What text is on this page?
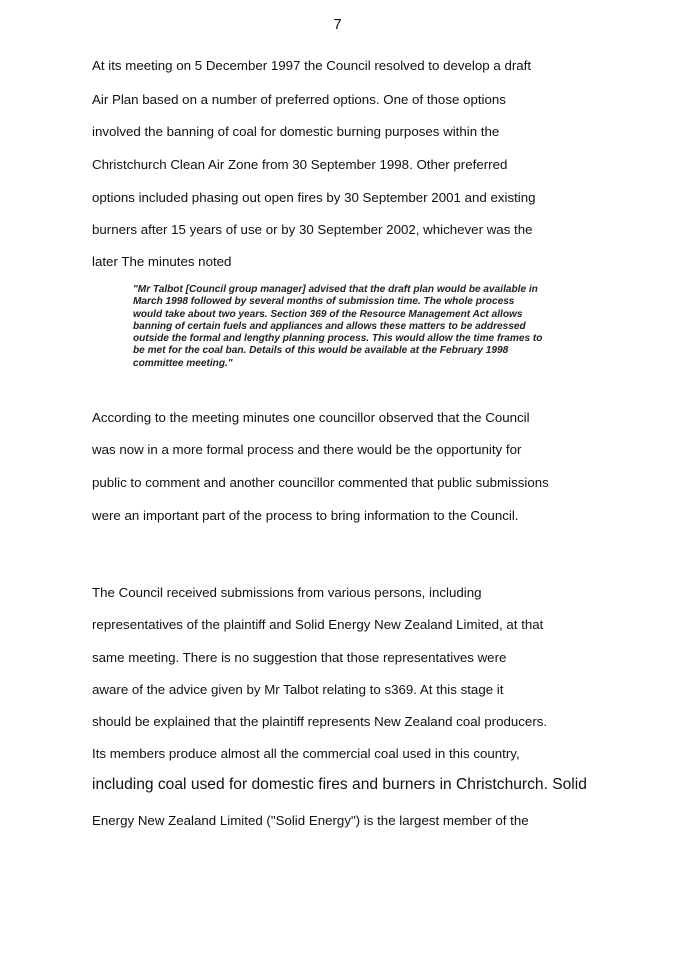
7
At its meeting on 5 December 1997 the Council resolved to develop a draft
Air Plan based on a number of preferred options. One of those options
involved the banning of coal for domestic burning purposes within the
Christchurch Clean Air Zone from 30 September 1998. Other preferred
options included phasing out open fires by 30 September 2001 and existing
burners after 15 years of use or by 30 September 2002, whichever was the
later The minutes noted
"Mr Talbot [Council group manager] advised that the draft plan would be available in
March 1998 followed by several months of submission time. The whole process
would take about two years. Section 369 of the Resource Management Act allows
banning of certain fuels and appliances and allows these matters to be addressed
outside the formal and lengthy planning process. This would allow the time frames to
be met for the coal ban. Details of this would be available at the February 1998
committee meeting."
According to the meeting minutes one councillor observed that the Council
was now in a more formal process and there would be the opportunity for
public to comment and another councillor commented that public submissions
were an important part of the process to bring information to the Council.
The Council received submissions from various persons, including
representatives of the plaintiff and Solid Energy New Zealand Limited, at that
same meeting. There is no suggestion that those representatives were
aware of the advice given by Mr Talbot relating to s369. At this stage it
should be explained that the plaintiff represents New Zealand coal producers.
Its members produce almost all the commercial coal used in this country,
including coal used for domestic fires and burners in Christchurch. Solid
Energy New Zealand Limited ("Solid Energy") is the largest member of the
